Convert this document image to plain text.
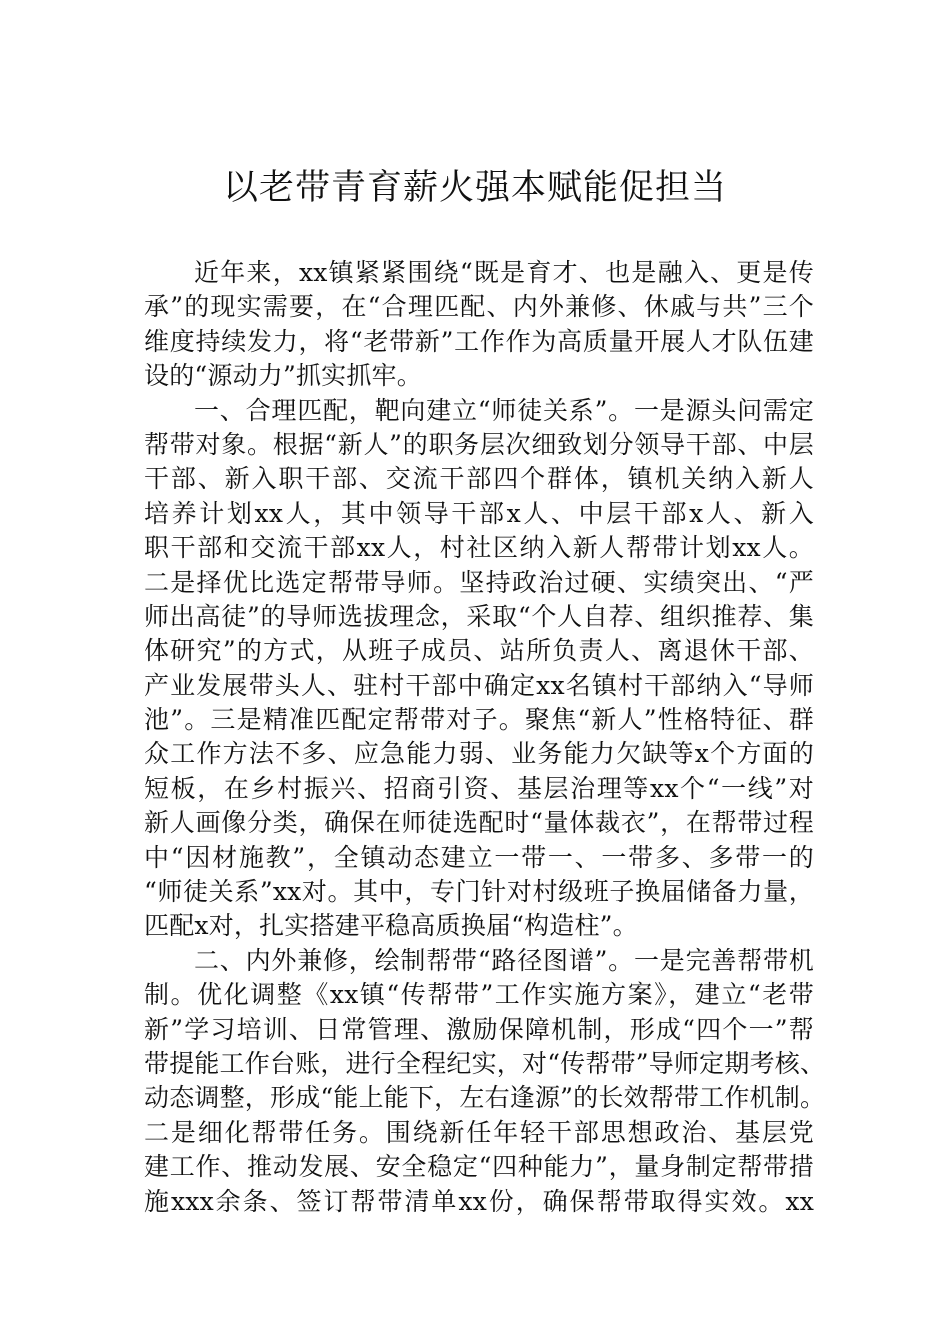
以老带青育薪火强本赋能促担当
近年来，xx镇紧紧围绕“既是育才、也是融入、更是传
承”的现实需要，在“合理匹配、内外兼修、休戚与共”三个
维度持续发力，将“老带新”工作作为高质量开展人才队伍建
设的“源动力”抓实抓牢。
一、合理匹配，靶向建立“师徒关系”。一是源头问需定
帮带对象。根据“新人”的职务层次细致划分领导干部、中层
干部、新入职干部、交流干部四个群体，镇机关纳入新人
培养计划xx人，其中领导干部x人、中层干部x人、新入
职干部和交流干部xx人，村社区纳入新人帮带计划xx人。
二是择优比选定帮带导师。坚持政治过硬、实绩突出、“严
师出高徒”的导师选拔理念，采取“个人自荐、组织推荐、集
体研究”的方式，从班子成员、站所负责人、离退休干部、
产业发展带头人、驻村干部中确定xx名镇村干部纳入“导师
池”。三是精准匹配定帮带对子。聚焦“新人”性格特征、群
众工作方法不多、应急能力弱、业务能力欠缺等x个方面的
短板，在乡村振兴、招商引资、基层治理等xx个“一线”对
新人画像分类，确保在师徒选配时“量体裁衣”，在帮带过程
中“因材施教”，全镇动态建立一带一、一带多、多带一的
“师徒关系”xx对。其中，专门针对村级班子换届储备力量，
匹配x对，扎实搭建平稳高质换届“构造柱”。
二、内外兼修，绘制帮带“路径图谱”。一是完善帮带机
制。优化调整《xx镇“传帮带”工作实施方案》，建立“老带
新”学习培训、日常管理、激励保障机制，形成“四个一”帮
带提能工作台账，进行全程纪实，对“传帮带”导师定期考核、
动态调整，形成“能上能下，左右逢源”的长效帮带工作机制。
二是细化帮带任务。围绕新任年轻干部思想政治、基层党
建工作、推动发展、安全稳定“四种能力”，量身制定帮带措
施xxx余条、签订帮带清单xx份，确保帮带取得实效。xx
